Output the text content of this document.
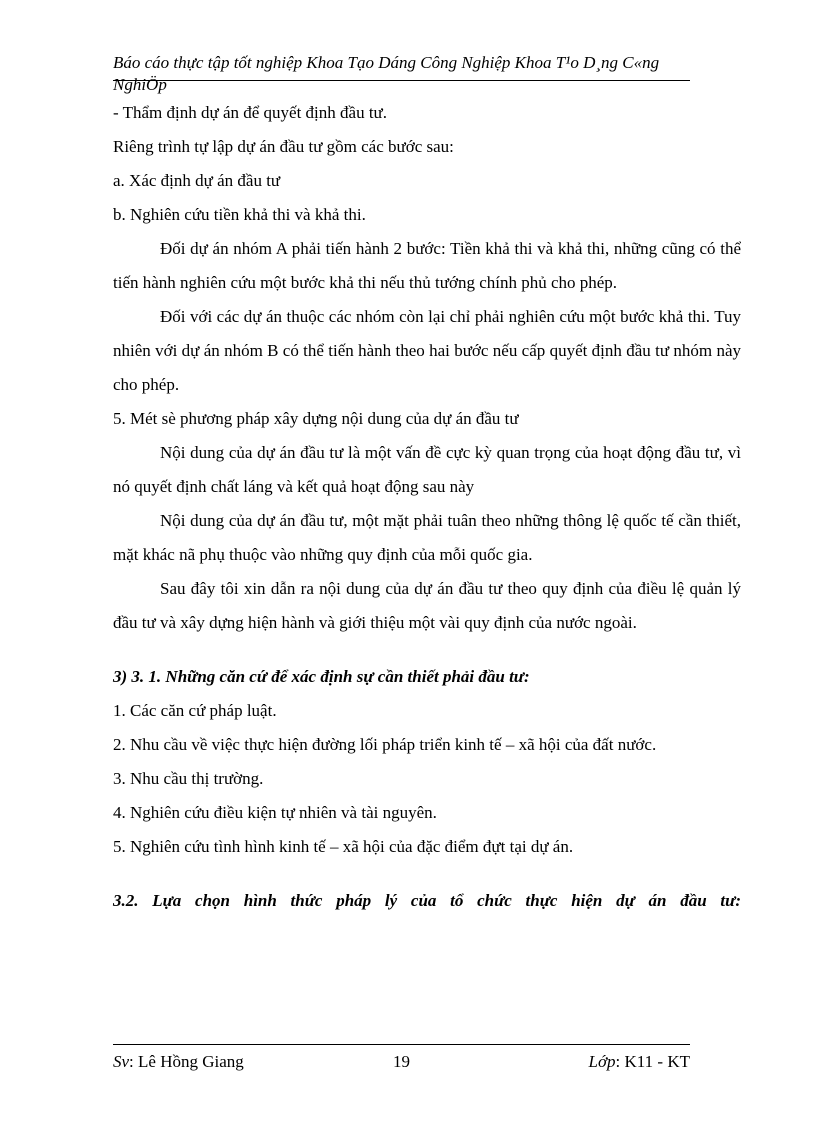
Báo cáo thực tập tốt nghiệp Khoa Tạo Dáng Công Nghiệp Khoa T¹o D¸ng C«ng NghiÖp
- Thẩm định dự án để quyết định đầu tư.
Riêng trình tự lập dự án đầu tư gồm các bước sau:
a. Xác định dự án đầu tư
b. Nghiên cứu tiền khả thi và khả thi.
Đối dự án nhóm A phải tiến hành 2 bước: Tiền khả thi và khả thi, những cũng có thể tiến hành nghiên cứu một bước khả thi nếu thủ tướng chính phủ cho phép.
Đối với các dự án thuộc các nhóm còn lại chỉ phải nghiên cứu một bước khả thi. Tuy nhiên với dự án nhóm B có thể tiến hành theo hai bước nếu cấp quyết định đầu tư nhóm này cho phép.
5. Mét sè phương pháp xây dựng nội dung của dự án đầu tư
Nội dung của dự án đầu tư là một vấn đề cực kỳ quan trọng của hoạt động đầu tư, vì nó quyết định chất láng và kết quả hoạt động sau này
Nội dung của dự án đầu tư, một mặt phải tuân theo những thông lệ quốc tế cần thiết, mặt khác nã phụ thuộc vào những quy định của mỗi quốc gia.
Sau đây tôi xin dẫn ra nội dung của dự án đầu tư theo quy định của điều lệ quản lý đầu tư và xây dựng hiện hành và giới thiệu một vài quy định của nước ngoài.
3) 3. 1. Những căn cứ để xác định sự cần thiết phải đầu tư:
1. Các căn cứ pháp luật.
2. Nhu cầu về việc thực hiện đường lối pháp triển kinh tế – xã hội của đất nước.
3. Nhu cầu thị trường.
4. Nghiên cứu điều kiện tự nhiên và tài nguyên.
5. Nghiên cứu tình hình kinh tế – xã hội của đặc điểm đựt tại dự án.
3.2. Lựa chọn hình thức pháp lý của tổ chức thực hiện dự án đầu tư:
Sv: Lê Hồng Giang	19	Lớp: K11 - KT
